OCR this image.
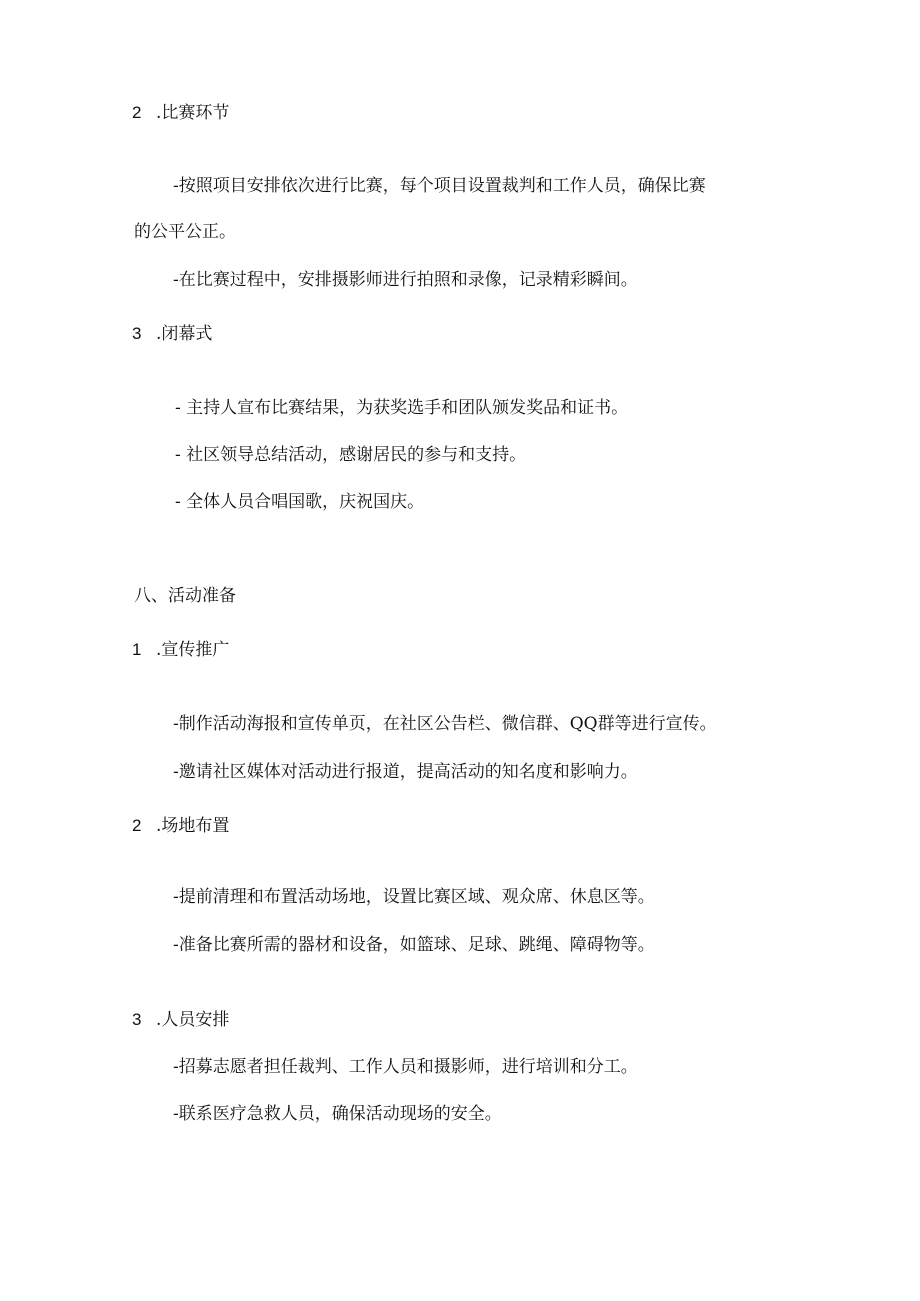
2 .比赛环节
-按照项目安排依次进行比赛，每个项目设置裁判和工作人员，确保比赛
的公平公正。
-在比赛过程中，安排摄影师进行拍照和录像，记录精彩瞬间。
3 .闭幕式
- 主持人宣布比赛结果，为获奖选手和团队颁发奖品和证书。
- 社区领导总结活动，感谢居民的参与和支持。
- 全体人员合唱国歌，庆祝国庆。
八、活动准备
1 .宣传推广
-制作活动海报和宣传单页，在社区公告栏、微信群、QQ群等进行宣传。
-邀请社区媒体对活动进行报道，提高活动的知名度和影响力。
2 .场地布置
-提前清理和布置活动场地，设置比赛区域、观众席、休息区等。
-准备比赛所需的器材和设备，如篮球、足球、跳绳、障碍物等。
3 .人员安排
-招募志愿者担任裁判、工作人员和摄影师，进行培训和分工。
-联系医疗急救人员，确保活动现场的安全。
